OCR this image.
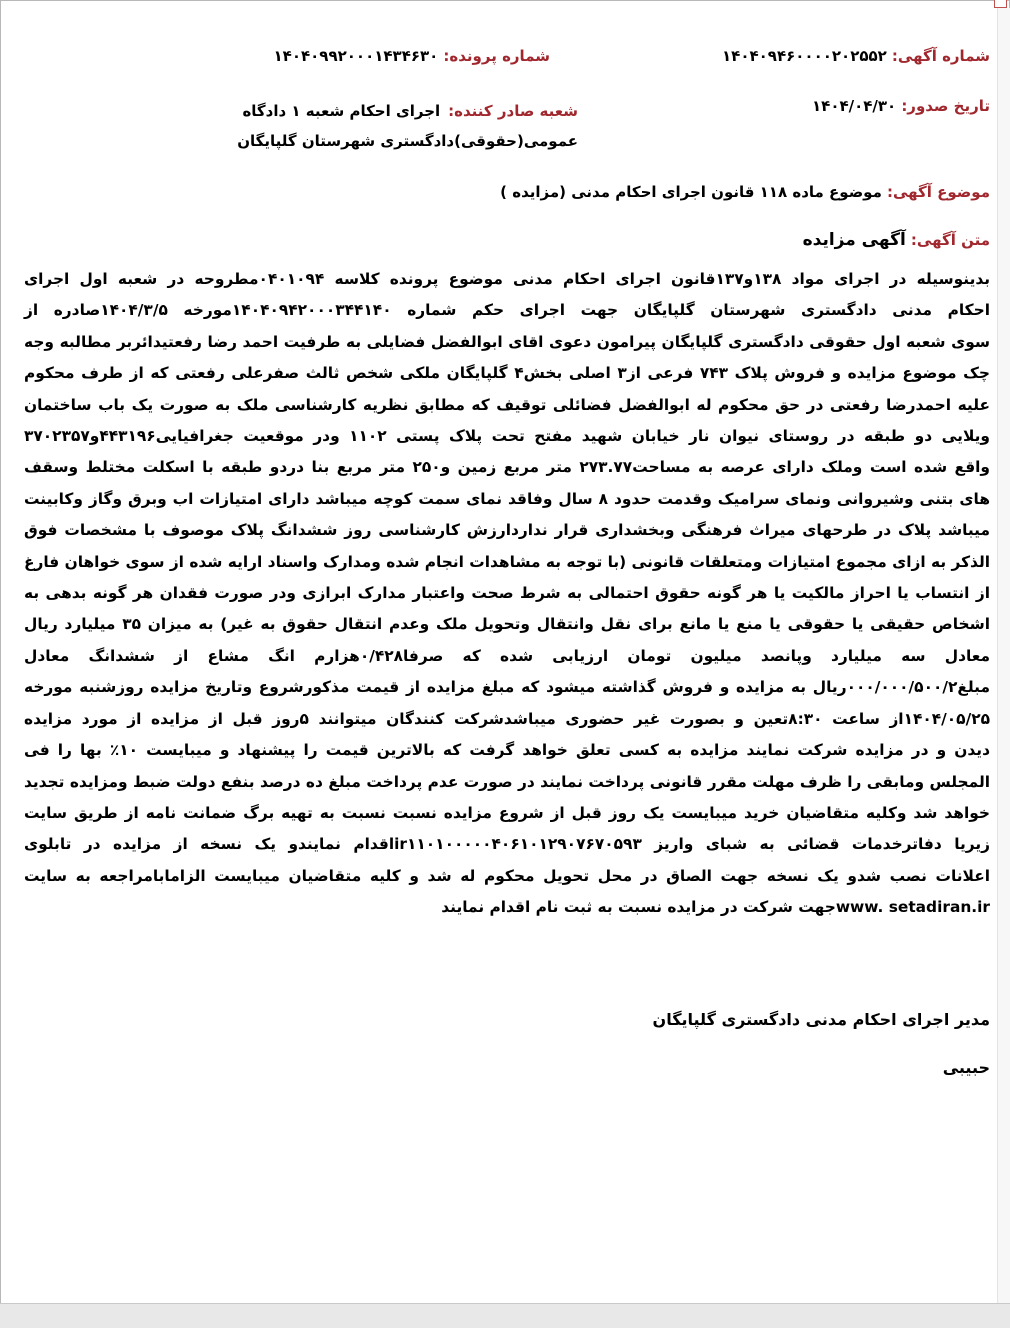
شماره آگهی: ۱۴۰۴۰۹۴۶۰۰۰۰۲۰۲۵۵۲
شماره پرونده: ۱۴۰۴۰۹۹۲۰۰۰۱۴۳۴۶۳۰
تاریخ صدور: ۱۴۰۴/۰۴/۳۰
شعبه صادر کننده:
اجرای احکام شعبه ۱ دادگاه عمومی(حقوقی)دادگستری شهرستان گلپایگان
موضوع آگهی: موضوع ماده ۱۱۸ قانون اجرای احکام مدنی (مزایده )
متن آگهی: آگهی مزایده
بدینوسیله در اجرای مواد ۱۳۸و۱۳۷قانون اجرای احکام مدنی موضوع پرونده کلاسه ۰۴۰۱۰۹۴مطروحه در شعبه اول اجرای
احکام مدنی دادگستری شهرستان گلپایگان جهت اجرای حکم شماره ۱۴۰۴۰۹۴۲۰۰۰۳۴۴۱۴۰مورخه ۱۴۰۴/۳/۵صادره از
سوی شعبه اول حقوقی دادگستری گلپایگان پیرامون دعوی اقای ابوالفضل فضایلی به طرفیت احمد رضا رفعتیدائربر مطالبه وجه
چک موضوع مزایده و فروش پلاک ۷۴۳ فرعی از۳ اصلی بخش۴ گلپایگان ملکی شخص ثالث صفرعلی رفعتی که از طرف محکوم
علیه احمدرضا رفعتی در حق محکوم له ابوالفضل فضائلی توقیف که مطابق نظریه کارشناسی ملک به صورت یک باب ساختمان
ویلایی دو طبقه در روستای نیوان نار خیابان شهید مفتح تحت پلاک پستی ۱۱۰۲ ودر موقعیت جغرافیایی۴۴۳۱۹۶و۳۷۰۲۳۵۷
واقع شده است وملک دارای عرصه به مساحت۲۷۳.۷۷ متر مربع زمین و۲۵۰ متر مربع بنا دردو طبقه با اسکلت مختلط وسقف
های بتنی وشیروانی ونمای سرامیک وقدمت حدود ۸ سال وفاقد نمای سمت کوچه میباشد دارای امتیازات اب وبرق وگاز وکابینت
میباشد پلاک در طرحهای میراث فرهنگی وبخشداری قرار نداردارزش کارشناسی روز ششدانگ پلاک موصوف با مشخصات فوق
الذکر به ازای مجموع امتیازات ومتعلقات قانونی (با توجه به مشاهدات انجام شده ومدارک واسناد ارایه شده از سوی خواهان فارغ
از انتساب یا احراز مالکیت یا هر گونه حقوق احتمالی به شرط صحت واعتبار مدارک ابرازی ودر صورت فقدان هر گونه بدهی به
اشخاص حقیقی یا حقوقی یا منع یا مانع برای نقل وانتقال وتحویل ملک وعدم انتقال حقوق به غیر) به میزان ۳۵ میلیارد ریال
معادل سه میلیارد وپانصد میلیون تومان ارزیابی شده که صرفا۰/۴۲۸هزارم انگ مشاع از ششدانگ معادل
مبلغ۰۰۰/۰۰۰/۵۰۰/۲ریال به مزایده و فروش گذاشته میشود که مبلغ مزایده از قیمت مذکورشروع وتاریخ مزایده روزشنبه مورخه
۱۴۰۴/۰۵/۲۵از ساعت ۸:۳۰تعین و بصورت غیر حضوری میباشدشرکت کنندگان میتوانند ۵روز قبل از مزایده از مورد مزایده
دیدن و در مزایده شرکت نمایند مزایده به کسی تعلق خواهد گرفت که بالاترین قیمت را پیشنهاد و میبایست ۱۰٪ بها را فی
المجلس ومابقی را ظرف مهلت مقرر قانونی پرداخت نمایند در صورت عدم پرداخت مبلغ ده درصد بنفع دولت ضبط ومزایده تجدید
خواهد شد وکلیه متقاضیان خرید میبایست یک روز قبل از شروع مزایده نسبت نسبت به تهیه برگ ضمانت نامه از طریق سایت
زیریا دفاترخدمات قضائی به شبای واریز ir۱۱۰۱۰۰۰۰۰۴۰۶۱۰۱۲۹۰۷۶۷۰۵۹۳اقدام نمایندو یک نسخه از مزایده در تابلوی
اعلانات نصب شدو یک نسخه جهت الصاق در محل تحویل محکوم له شد و کلیه متقاضیان میبایست الزامابامراجعه به سایت
www. setadiran.irجهت شرکت در مزایده نسبت به ثبت نام اقدام نمایند
مدیر اجرای احکام مدنی دادگستری گلپایگان
حبیبی
